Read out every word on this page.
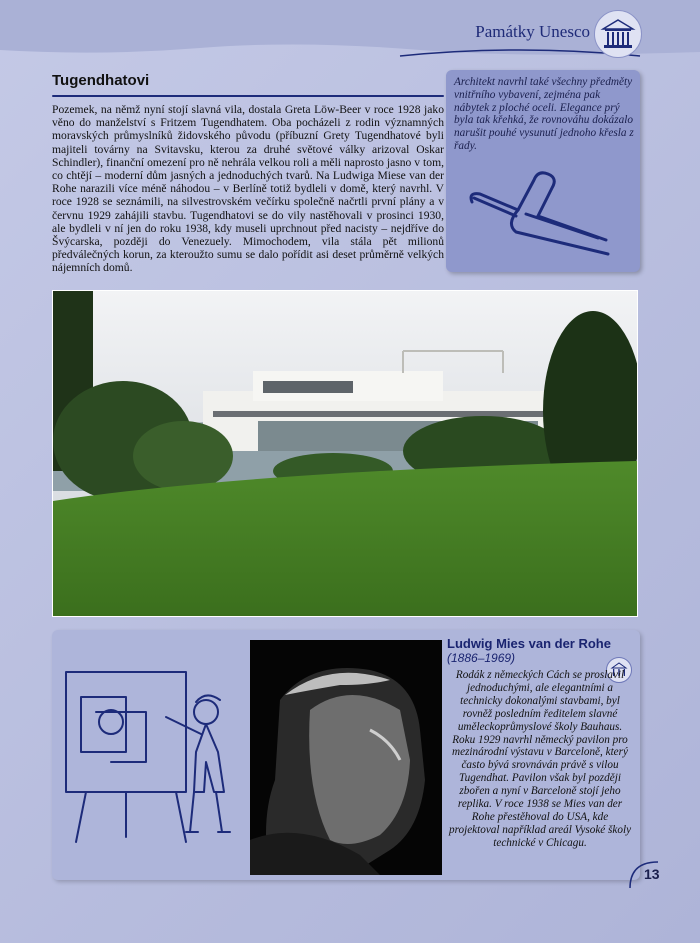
Památky Unesco
Tugendhatovi

Pozemek, na němž nyní stojí slavná vila, dostala Greta Löw-Beer v roce 1928 jako věno do manželství s Fritzem Tugendhatem. Oba pocházeli z rodin významných moravských průmyslníků židovského původu (příbuzní Grety Tugendhatové byli majiteli továrny na Svitavsku, kterou za druhé světové války arizoval Oskar Schindler), finanční omezení pro ně nehrála velkou roli a měli naprosto jasno v tom, co chtějí – moderní dům jasných a jednoduchých tvarů. Na Ludwiga Miese van der Rohe narazili více méně náhodou – v Berlíně totiž bydleli v domě, který navrhl. V roce 1928 se seznámili, na silvestrovském večírku společně načrtli první plány a v červnu 1929 zahájili stavbu. Tugendhatovi se do vily nastěhovali v prosinci 1930, ale bydleli v ní jen do roku 1938, kdy museli uprchnout před nacisty – nejdříve do Švýcarska, později do Venezuely. Mimochodem, vila stála pět milionů předválečných korun, za kteroužto sumu se dalo pořídit asi deset průměrně velkých nájemních domů.

Architekt navrhl také všechny předměty vnitřního vybavení, zejména pak nábytek z ploché oceli. Elegance prý byla tak křehká, že rovnováhu dokázalo narušit pouhé vysunutí jednoho křesla z řady.

Ludwig Mies van der Rohe

(1886–1969)

Rodák z německých Cách se proslavil jednoduchými, ale elegantními a technicky dokonalými stavbami, byl rovněž posledním ředitelem slavné uměleckoprůmyslové školy Bauhaus. Roku 1929 navrhl německý pavilon pro mezinárodní výstavu v Barceloně, který často bývá srovnáván právě s vilou Tugendhat. Pavilon však byl později zbořen a nyní v Barceloně stojí jeho replika. V roce 1938 se Mies van der Rohe přestěhoval do USA, kde projektoval například areál Vysoké školy technické v Chicagu.

13
